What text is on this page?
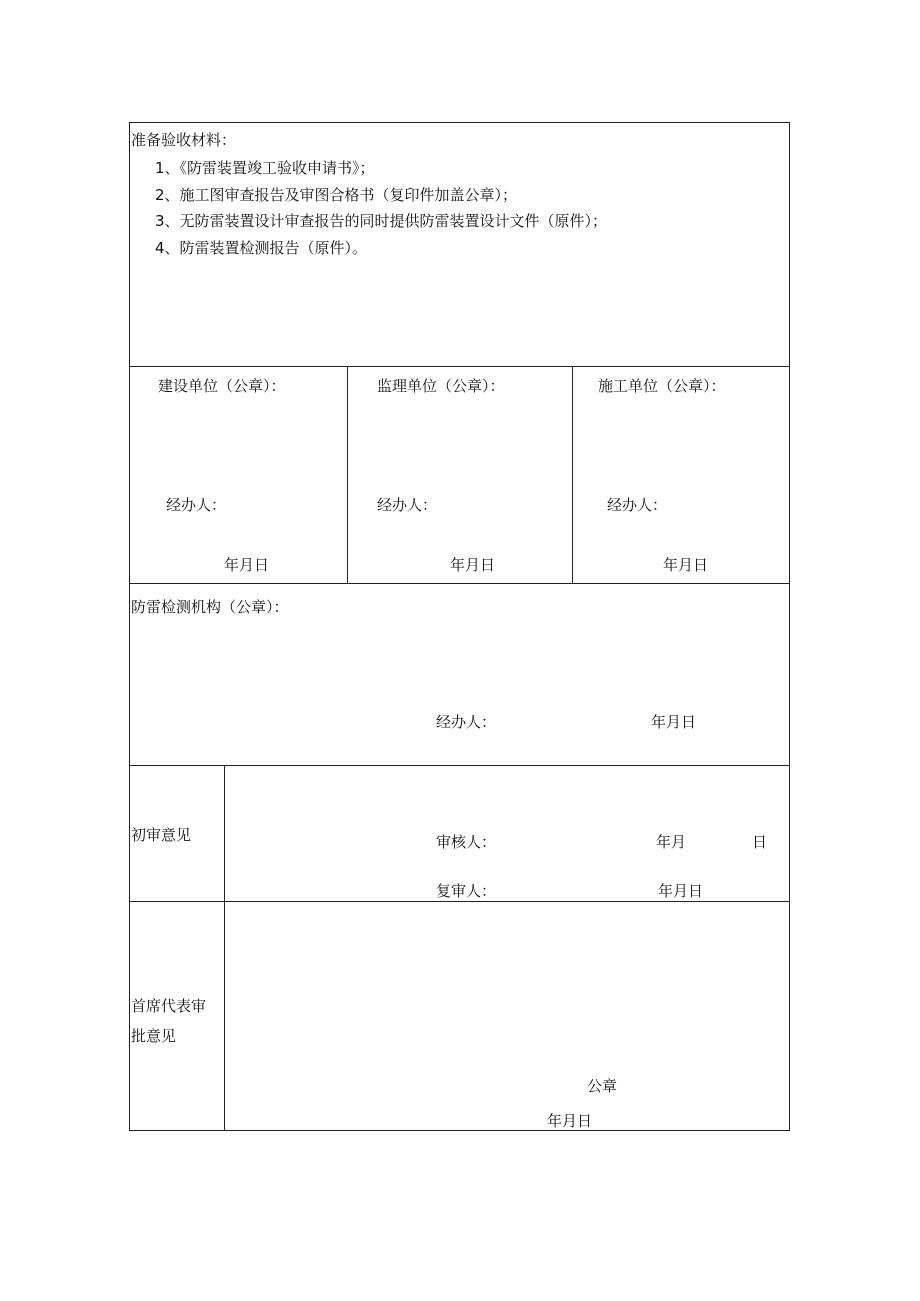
准备验收材料：
1、《防雷装置竣工验收申请书》；
2、施工图审查报告及审图合格书（复印件加盖公章）；
3、无防雷装置设计审查报告的同时提供防雷装置设计文件（原件）；
4、防雷装置检测报告（原件）。
建设单位（公章）：
经办人：
年月日
监理单位（公章）：
经办人：
年月日
施工单位（公章）：
经办人：
年月日
防雷检测机构（公章）：
经办人：	年月日
初审意见	审核人：	年月	日
复审人：	年月日
首席代表审
批意见
公章
年月日
